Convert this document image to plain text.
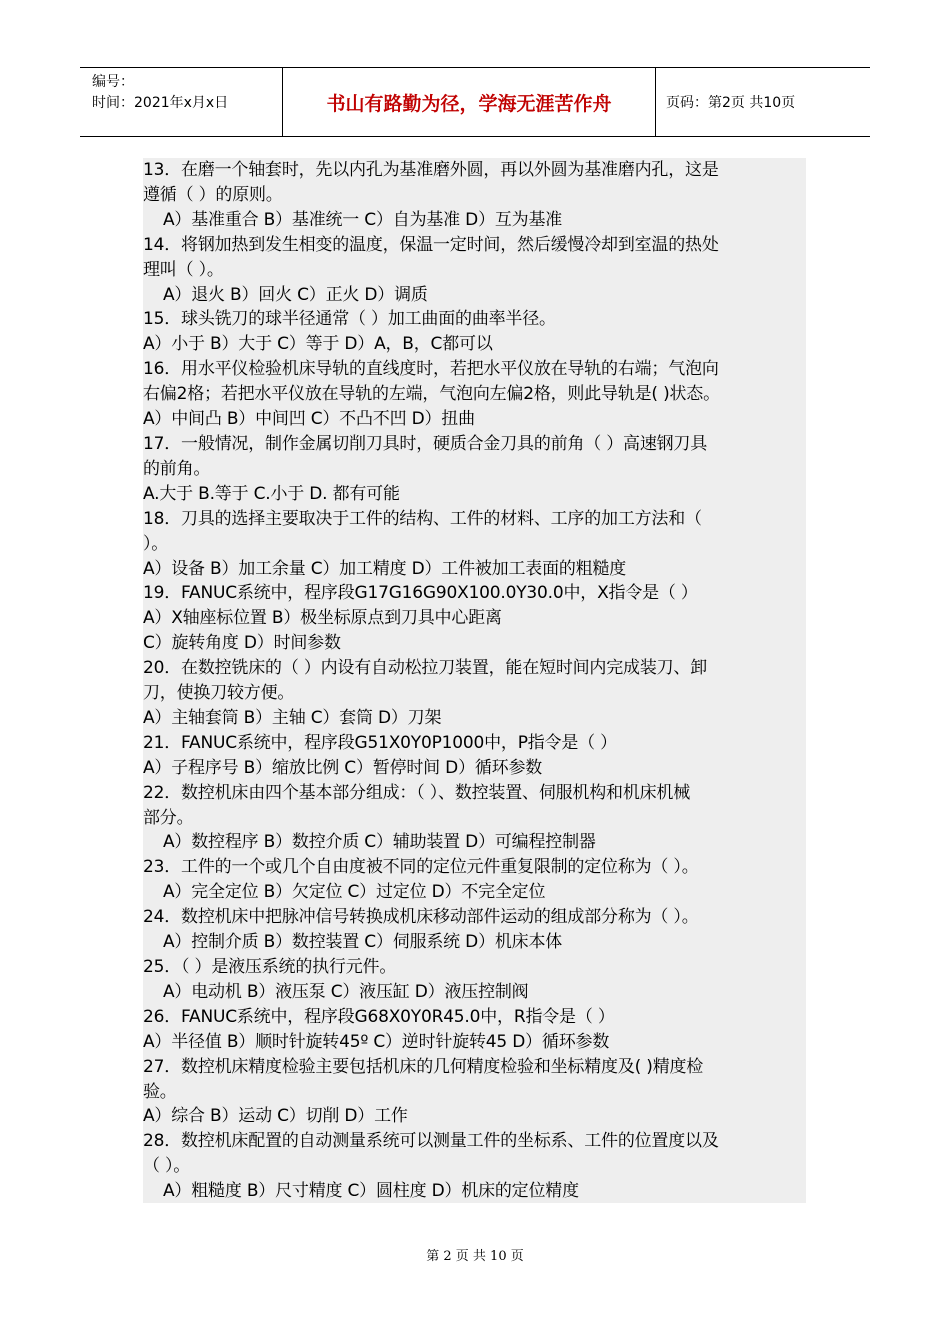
编号：
时间：2021年x月x日	书山有路勤为径，学海无涯苦作舟	页码：第2页 共10页
13．在磨一个轴套时，先以内孔为基准磨外圆，再以外圆为基准磨内孔，这是
遵循（ ）的原则。
A）基准重合 B）基准统一 C）自为基准 D）互为基准
14．将钢加热到发生相变的温度，保温一定时间，然后缓慢冷却到室温的热处
理叫（ ）。
A）退火 B）回火 C）正火 D）调质
15．球头铣刀的球半径通常（ ）加工曲面的曲率半径。
A）小于 B）大于 C）等于 D）A，B，C都可以
16．用水平仪检验机床导轨的直线度时，若把水平仪放在导轨的右端；气泡向
右偏2格；若把水平仪放在导轨的左端，气泡向左偏2格，则此导轨是( )状态。
A）中间凸 B）中间凹 C）不凸不凹 D）扭曲
17．一般情况，制作金属切削刀具时，硬质合金刀具的前角（ ）高速钢刀具
的前角。
A.大于 B.等于 C.小于 D. 都有可能
18．刀具的选择主要取决于工件的结构、工件的材料、工序的加工方法和（
）。
A）设备 B）加工余量 C）加工精度 D）工件被加工表面的粗糙度
19．FANUC系统中，程序段G17G16G90X100.0Y30.0中，X指令是（ ）
A）X轴座标位置 B）极坐标原点到刀具中心距离
C）旋转角度 D）时间参数
20．在数控铣床的（ ）内设有自动松拉刀装置，能在短时间内完成装刀、卸
刀，使换刀较方便。
A）主轴套筒 B）主轴 C）套筒 D）刀架
21．FANUC系统中，程序段G51X0Y0P1000中，P指令是（ ）
A）子程序号 B）缩放比例 C）暂停时间 D）循环参数
22．数控机床由四个基本部分组成：（ ）、数控装置、伺服机构和机床机械
部分。
A）数控程序 B）数控介质 C）辅助装置 D）可编程控制器
23．工件的一个或几个自由度被不同的定位元件重复限制的定位称为（ ）。
A）完全定位 B）欠定位 C）过定位 D）不完全定位
24．数控机床中把脉冲信号转换成机床移动部件运动的组成部分称为（ ）。
A）控制介质 B）数控装置 C）伺服系统 D）机床本体
25．（ ）是液压系统的执行元件。
A）电动机 B）液压泵 C）液压缸 D）液压控制阀
26．FANUC系统中，程序段G68X0Y0R45.0中，R指令是（ ）
A）半径值 B）顺时针旋转45º C）逆时针旋转45 D）循环参数
27．数控机床精度检验主要包括机床的几何精度检验和坐标精度及( )精度检
验。
A）综合 B）运动 C）切削 D）工作
28．数控机床配置的自动测量系统可以测量工件的坐标系、工件的位置度以及
（ ）。
A）粗糙度 B）尺寸精度 C）圆柱度 D）机床的定位精度
第 2 页 共 10 页
